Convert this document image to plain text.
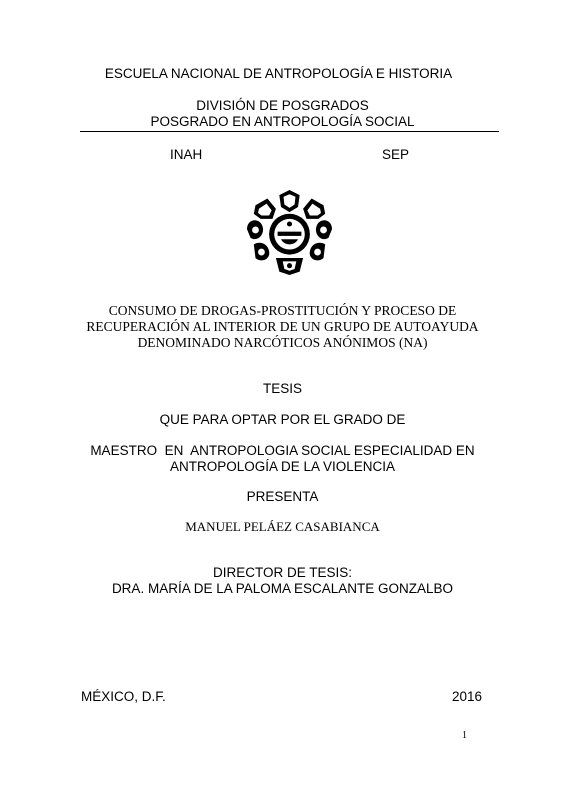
ESCUELA NACIONAL DE ANTROPOLOGÍA E HISTORIA
DIVISIÓN DE POSGRADOS
POSGRADO EN ANTROPOLOGÍA SOCIAL
INAH	SEP
CONSUMO DE DROGAS-PROSTITUCIÓN Y PROCESO DE
RECUPERACIÓN AL INTERIOR DE UN GRUPO DE AUTOAYUDA
DENOMINADO NARCÓTICOS ANÓNIMOS (NA)
TESIS
QUE PARA OPTAR POR EL GRADO DE
MAESTRO  EN  ANTROPOLOGIA SOCIAL ESPECIALIDAD EN
ANTROPOLOGÍA DE LA VIOLENCIA
PRESENTA
MANUEL PELÁEZ CASABIANCA
DIRECTOR DE TESIS:
DRA. MARÍA DE LA PALOMA ESCALANTE GONZALBO
MÉXICO, D.F.	2016
1
